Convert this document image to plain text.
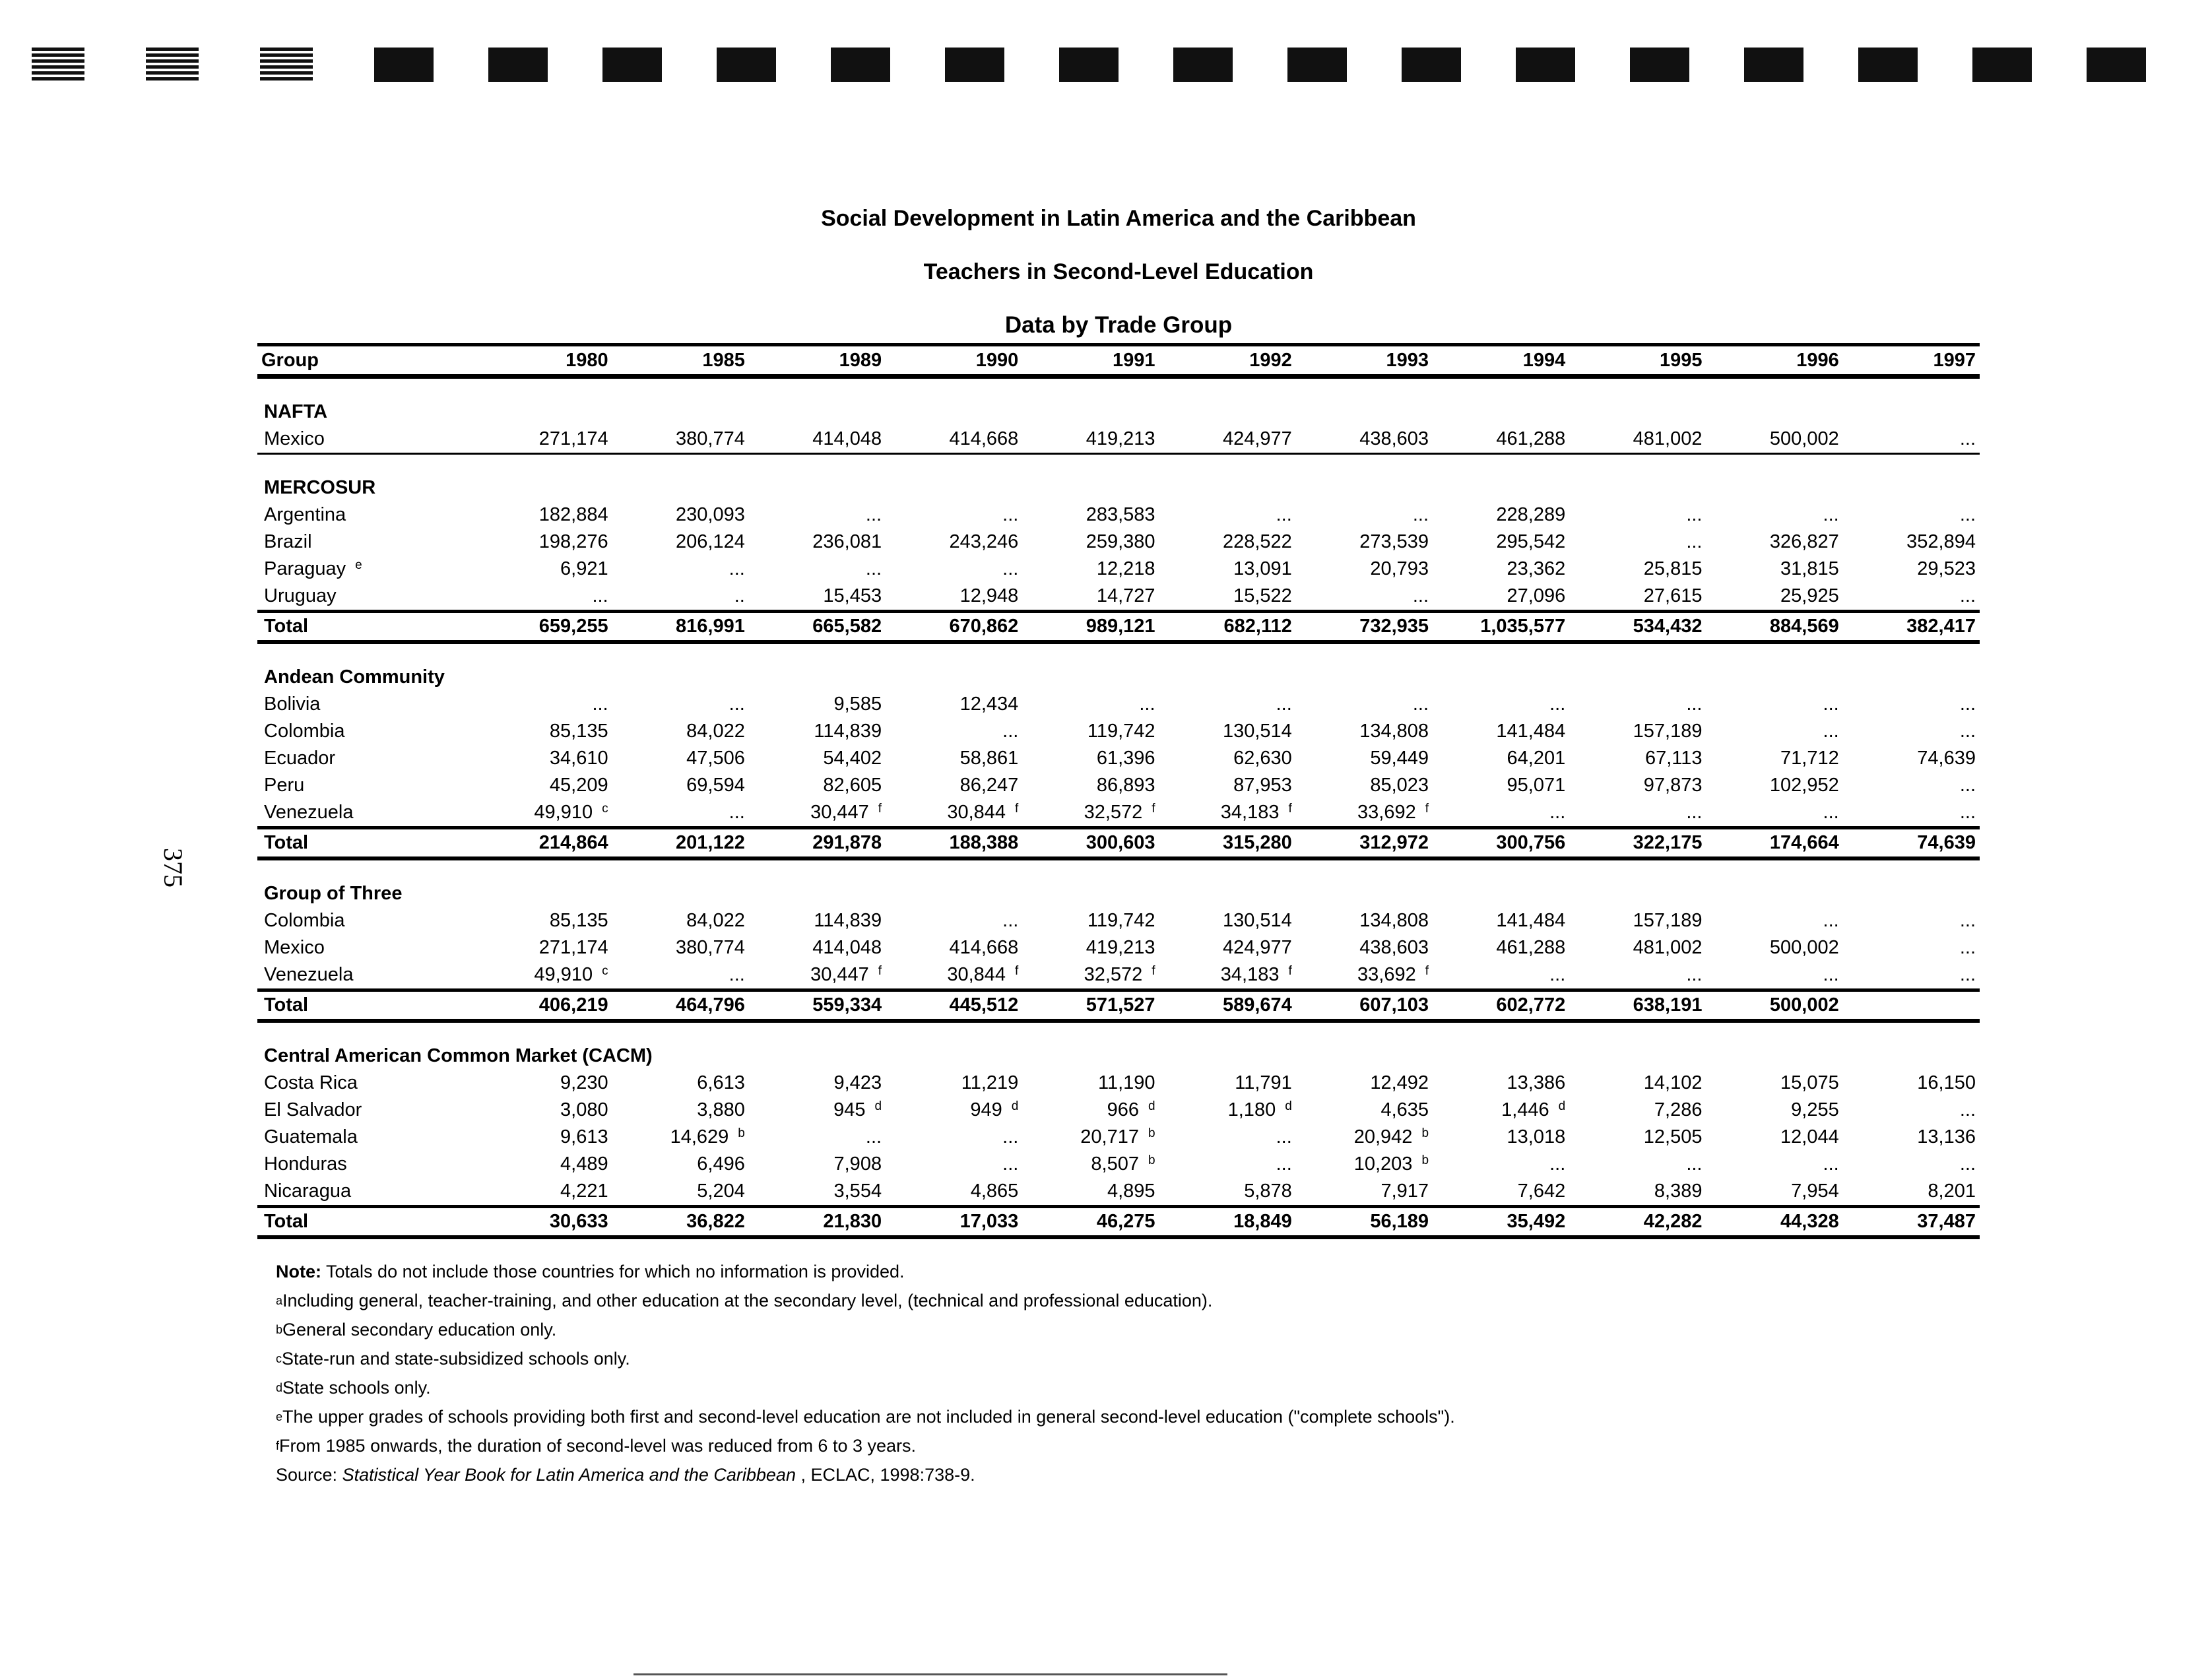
375
Social Development in Latin America and the Caribbean
Teachers in Second-Level Education
Data by Trade Group
Group	1980	1985	1989	1990	1991	1992	1993	1994	1995	1996	1997

NAFTA											
Mexico	271,174	380,774	414,048	414,668	419,213	424,977	438,603	461,288	481,002	500,002	...

MERCOSUR											
Argentina	182,884	230,093	...	...	283,583	...	...	228,289	...	...	...
Brazil	198,276	206,124	236,081	243,246	259,380	228,522	273,539	295,542	...	326,827	352,894
Paraguay $^e$	6,921	...	...	...	12,218	13,091	20,793	23,362	25,815	31,815	29,523
Uruguay	...	..	15,453	12,948	14,727	15,522	...	27,096	27,615	25,925	...
Total	659,255	816,991	665,582	670,862	989,121	682,112	732,935	1,035,577	534,432	884,569	382,417

Andean Community											
Bolivia	...	...	9,585	12,434	...	...	...	...	...	...	...
Colombia	85,135	84,022	114,839	...	119,742	130,514	134,808	141,484	157,189	...	...
Ecuador	34,610	47,506	54,402	58,861	61,396	62,630	59,449	64,201	67,113	71,712	74,639
Peru	45,209	69,594	82,605	86,247	86,893	87,953	85,023	95,071	97,873	102,952	...
Venezuela	49,910 $^c$	...	30,447 $^f$	30,844 $^f$	32,572 $^f$	34,183 $^f$	33,692 $^f$	...	...	...	...
Total	214,864	201,122	291,878	188,388	300,603	315,280	312,972	300,756	322,175	174,664	74,639

Group of Three											
Colombia	85,135	84,022	114,839	...	119,742	130,514	134,808	141,484	157,189	...	...
Mexico	271,174	380,774	414,048	414,668	419,213	424,977	438,603	461,288	481,002	500,002	...
Venezuela	49,910 $^c$	...	30,447 $^f$	30,844 $^f$	32,572 $^f$	34,183 $^f$	33,692 $^f$	...	...	...	...
Total	406,219	464,796	559,334	445,512	571,527	589,674	607,103	602,772	638,191	500,002	

Central American Common Market (CACM)											
Costa Rica	9,230	6,613	9,423	11,219	11,190	11,791	12,492	13,386	14,102	15,075	16,150
El Salvador	3,080	3,880	945 $^d$	949 $^d$	966 $^d$	1,180 $^d$	4,635	1,446 $^d$	7,286	9,255	...
Guatemala	9,613	14,629 $^b$	...	...	20,717 $^b$	...	20,942 $^b$	13,018	12,505	12,044	13,136
Honduras	4,489	6,496	7,908	...	8,507 $^b$	...	10,203 $^b$	...	...	...	...
Nicaragua	4,221	5,204	3,554	4,865	4,895	5,878	7,917	7,642	8,389	7,954	8,201
Total	30,633	36,822	21,830	17,033	46,275	18,849	56,189	35,492	42,282	44,328	37,487
Note: Totals do not include those countries for which no information is provided.
$^a$Including general, teacher-training, and other education at the secondary level, (technical and professional education).
$^b$General secondary education only.
$^c$State-run and state-subsidized schools only.
$^d$State schools only.
$^e$The upper grades of schools providing both first and second-level education are not included in general second-level education ("complete schools").
$^f$From 1985 onwards, the duration of second-level was reduced from 6 to 3 years.
Source: Statistical Year Book for Latin America and the Caribbean , ECLAC, 1998:738-9.
